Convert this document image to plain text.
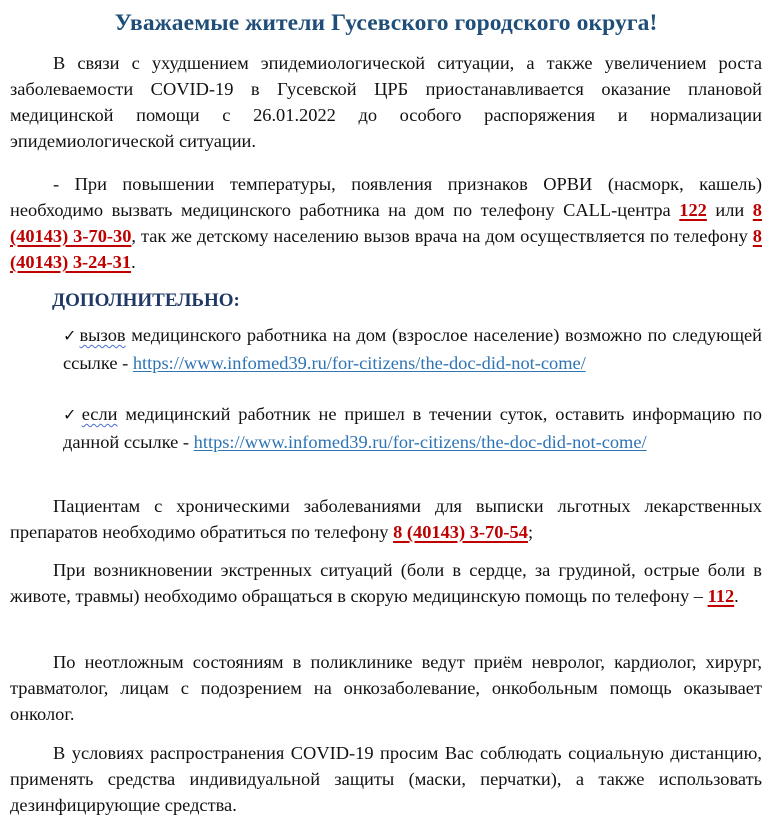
Уважаемые жители Гусевского городского округа!

В связи с ухудшением эпидемиологической ситуации, а также увеличением роста заболеваемости COVID-19 в Гусевской ЦРБ приостанавливается оказание плановой медицинской помощи с 26.01.2022 до особого распоряжения и нормализации эпидемиологической ситуации.

- При повышении температуры, появления признаков ОРВИ (насморк, кашель) необходимо вызвать медицинского работника на дом по телефону CALL-центра 122 или 8 (40143) 3-70-30, так же детскому населению вызов врача на дом осуществляется по телефону 8 (40143) 3-24-31.

ДОПОЛНИТЕЛЬНО:

✓ вызов медицинского работника на дом (взрослое население) возможно по следующей ссылке - https://www.infomed39.ru/for-citizens/the-doc-did-not-come/

✓ если медицинский работник не пришел в течении суток, оставить информацию по данной ссылке - https://www.infomed39.ru/for-citizens/the-doc-did-not-come/

Пациентам с хроническими заболеваниями для выписки льготных лекарственных препаратов необходимо обратиться по телефону 8 (40143) 3-70-54;

При возникновении экстренных ситуаций (боли в сердце, за грудиной, острые боли в животе, травмы) необходимо обращаться в скорую медицинскую помощь по телефону – 112.

По неотложным состояниям в поликлинике ведут приём невролог, кардиолог, хирург, травматолог, лицам с подозрением на онкозаболевание, онкобольным помощь оказывает онколог.

В условиях распространения COVID-19 просим Вас соблюдать социальную дистанцию, применять средства индивидуальной защиты (маски, перчатки), а также использовать дезинфицирующие средства.
